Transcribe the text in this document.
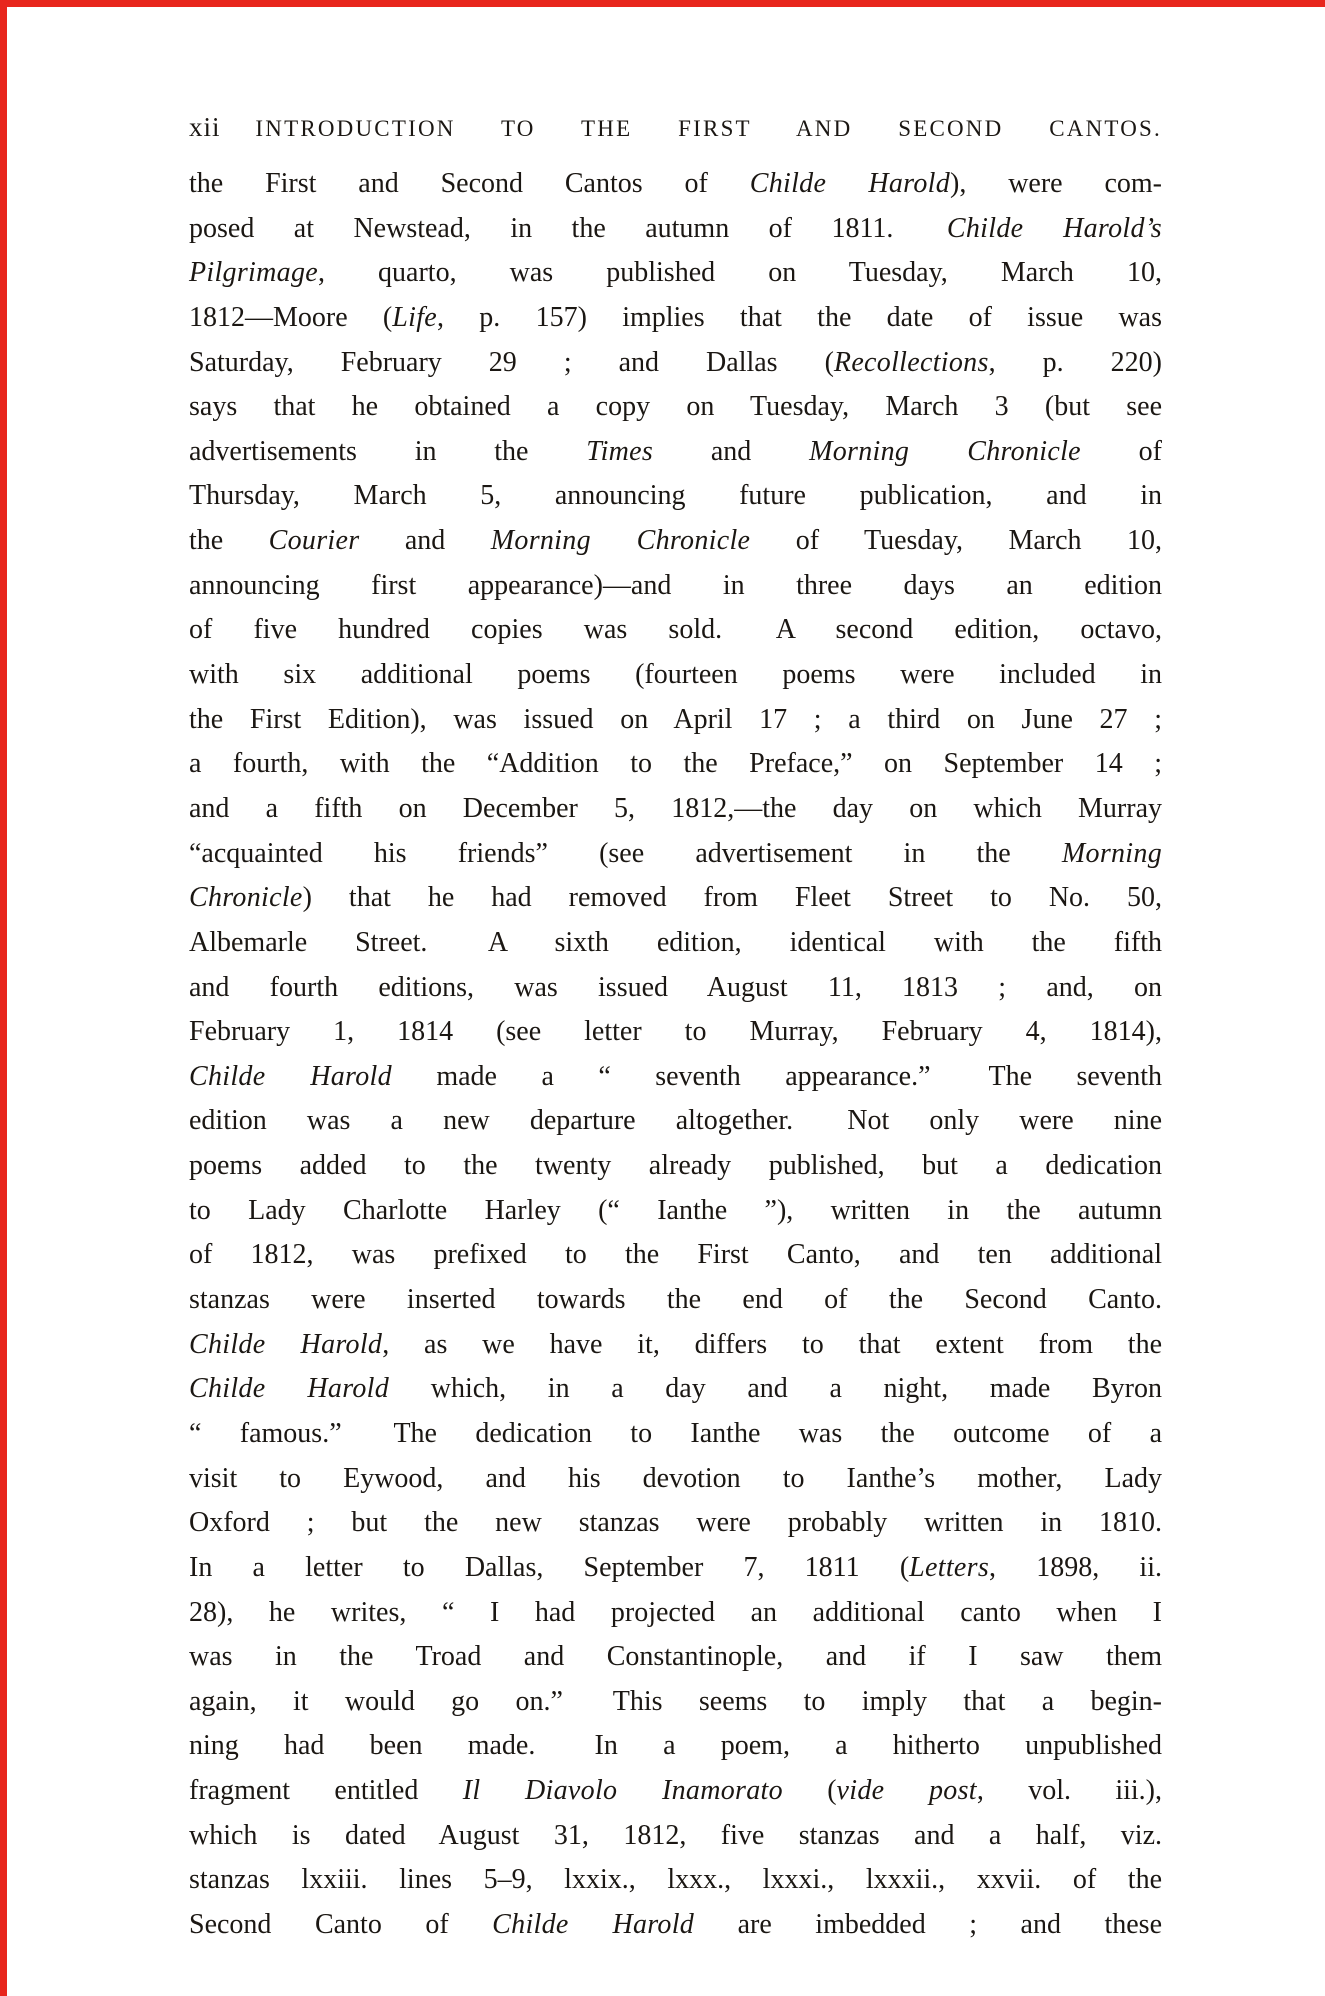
xii INTRODUCTION TO THE FIRST AND SECOND CANTOS.
the First and Second Cantos of Childe Harold), were com-
posed at Newstead, in the autumn of 1811.  Childe Harold’s
Pilgrimage, quarto, was published on Tuesday, March 10,
1812—Moore (Life, p. 157) implies that the date of issue was
Saturday, February 29 ; and Dallas (Recollections, p. 220)
says that he obtained a copy on Tuesday, March 3 (but see
advertisements in the Times and Morning Chronicle of
Thursday, March 5, announcing future publication, and in
the Courier and Morning Chronicle of Tuesday, March 10,
announcing first appearance)—and in three days an edition
of five hundred copies was sold.  A second edition, octavo,
with six additional poems (fourteen poems were included in
the First Edition), was issued on April 17 ; a third on June 27 ;
a fourth, with the “Addition to the Preface,” on September 14 ;
and a fifth on December 5, 1812,—the day on which Murray
“acquainted his friends” (see advertisement in the Morning
Chronicle) that he had removed from Fleet Street to No. 50,
Albemarle Street.  A sixth edition, identical with the fifth
and fourth editions, was issued August 11, 1813 ; and, on
February 1, 1814 (see letter to Murray, February 4, 1814),
Childe Harold made a “ seventh appearance.”  The seventh
edition was a new departure altogether.  Not only were nine
poems added to the twenty already published, but a dedication
to Lady Charlotte Harley (“ Ianthe ”), written in the autumn
of 1812, was prefixed to the First Canto, and ten additional
stanzas were inserted towards the end of the Second Canto.
Childe Harold, as we have it, differs to that extent from the
Childe Harold which, in a day and a night, made Byron
“ famous.”  The dedication to Ianthe was the outcome of a
visit to Eywood, and his devotion to Ianthe’s mother, Lady
Oxford ; but the new stanzas were probably written in 1810.
In a letter to Dallas, September 7, 1811 (Letters, 1898, ii.
28), he writes, “ I had projected an additional canto when I
was in the Troad and Constantinople, and if I saw them
again, it would go on.”  This seems to imply that a begin-
ning had been made.  In a poem, a hitherto unpublished
fragment entitled Il Diavolo Inamorato (vide post, vol. iii.),
which is dated August 31, 1812, five stanzas and a half, viz.
stanzas lxxiii. lines 5–9, lxxix., lxxx., lxxxi., lxxxii., xxvii. of the
Second Canto of Childe Harold are imbedded ; and these
